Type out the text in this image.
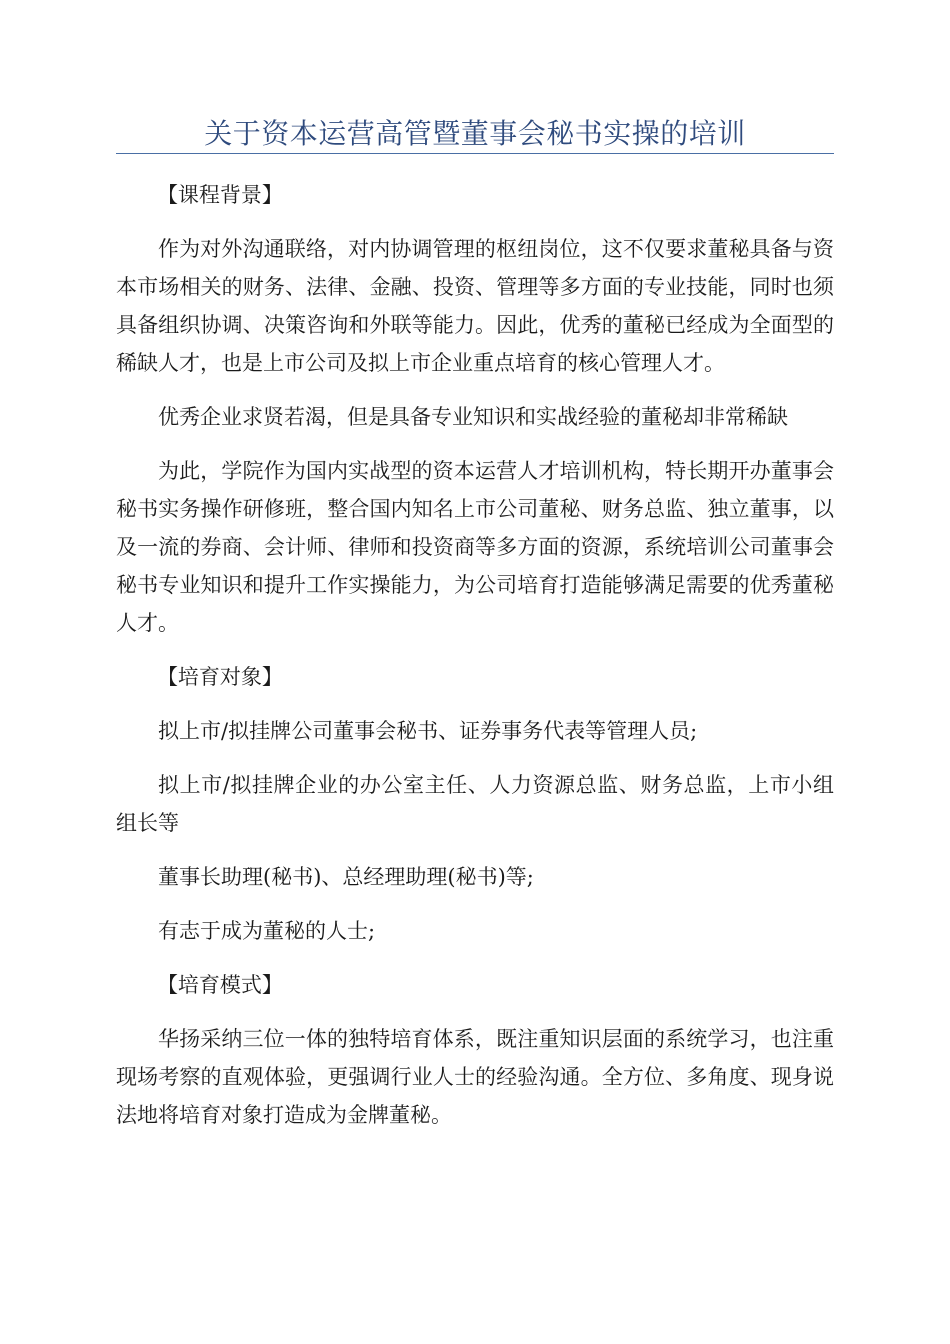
关于资本运营高管暨董事会秘书实操的培训

【课程背景】

作为对外沟通联络，对内协调管理的枢纽岗位，这不仅要求董秘具备与资本市场相关的财务、法律、金融、投资、管理等多方面的专业技能，同时也须具备组织协调、决策咨询和外联等能力。因此，优秀的董秘已经成为全面型的稀缺人才，也是上市公司及拟上市企业重点培育的核心管理人才。

优秀企业求贤若渴，但是具备专业知识和实战经验的董秘却非常稀缺

为此，学院作为国内实战型的资本运营人才培训机构，特长期开办董事会秘书实务操作研修班，整合国内知名上市公司董秘、财务总监、独立董事，以及一流的券商、会计师、律师和投资商等多方面的资源，系统培训公司董事会秘书专业知识和提升工作实操能力，为公司培育打造能够满足需要的优秀董秘人才。

【培育对象】

拟上市/拟挂牌公司董事会秘书、证券事务代表等管理人员;

拟上市/拟挂牌企业的办公室主任、人力资源总监、财务总监，上市小组组长等

董事长助理(秘书)、总经理助理(秘书)等;

有志于成为董秘的人士;

【培育模式】

华扬采纳三位一体的独特培育体系，既注重知识层面的系统学习，也注重现场考察的直观体验，更强调行业人士的经验沟通。全方位、多角度、现身说法地将培育对象打造成为金牌董秘。
